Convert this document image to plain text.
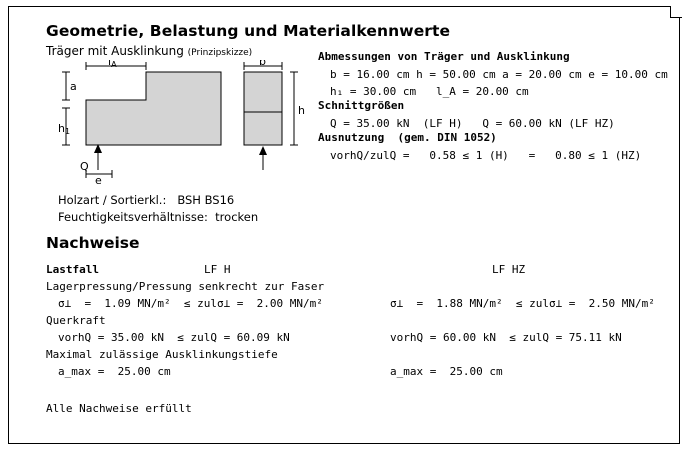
Geometrie, Belastung und Materialkennwerte
Träger mit Ausklinkung (Prinzipskizze)	Abmessungen von Träger und Ausklinkung
b = 16.00 cm h = 50.00 cm a = 20.00 cm e = 10.00 cm
h₁ = 30.00 cm   l_A = 20.00 cm
Schnittgrößen
Q = 35.00 kN  (LF H)   Q = 60.00 kN (LF HZ)
Ausnutzung  (gem. DIN 1052)
vorhQ/zulQ =   0.58 ≤ 1 (H)   =   0.80 ≤ 1 (HZ)
lA	b
a
h1
h
Q
e
Holzart / Sortierkl.: BSH BS16
Feuchtigkeitsverhältnisse: trocken
Nachweise
Lastfall	LF H	LF HZ
Lagerpressung/Pressung senkrecht zur Faser
σ⊥  =  1.09 MN/m²  ≤ zulσ⊥ =  2.00 MN/m²	σ⊥  =  1.88 MN/m²  ≤ zulσ⊥ =  2.50 MN/m²
Querkraft
vorhQ = 35.00 kN  ≤ zulQ = 60.09 kN	vorhQ = 60.00 kN  ≤ zulQ = 75.11 kN
Maximal zulässige Ausklinkungstiefe
a_max =  25.00 cm	a_max =  25.00 cm
Alle Nachweise erfüllt
